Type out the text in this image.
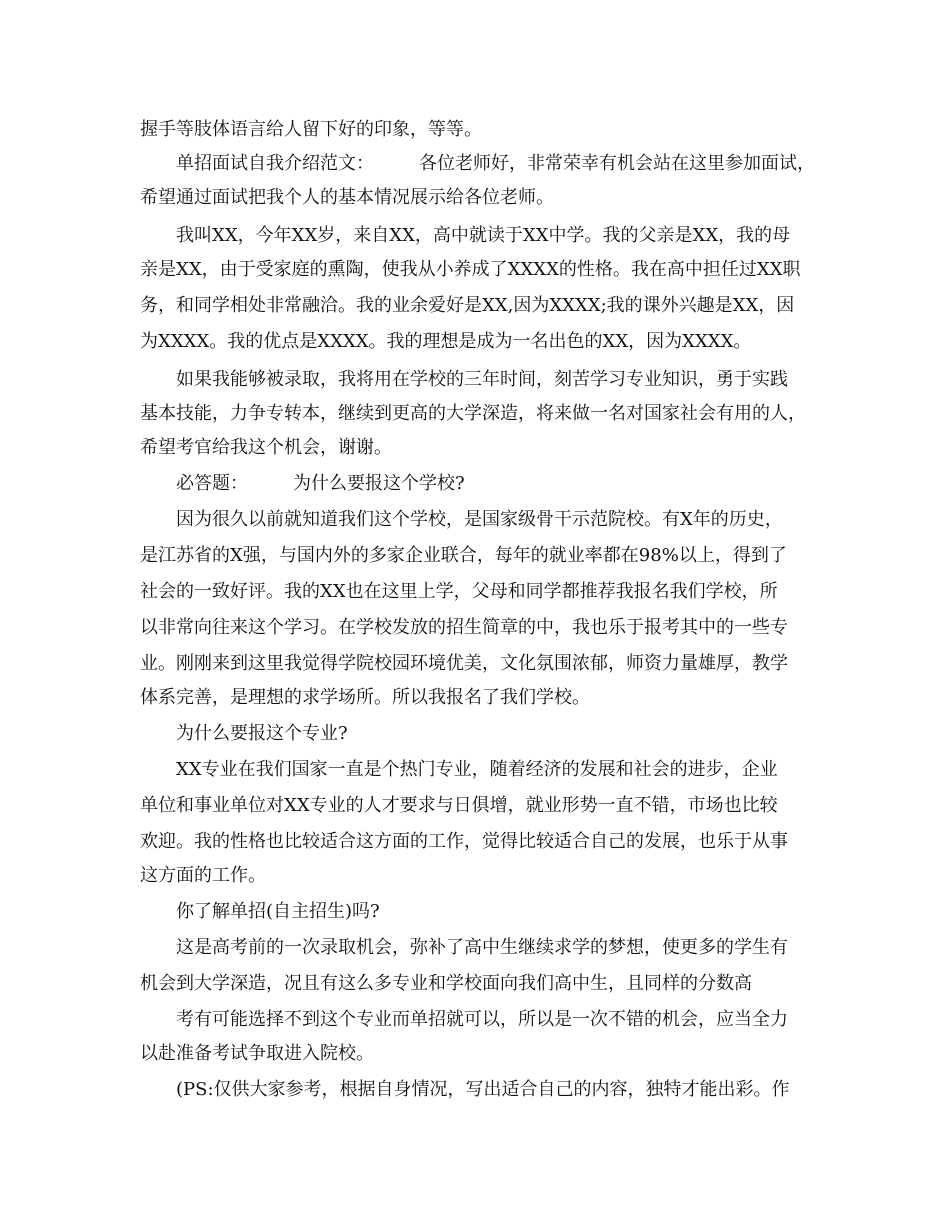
握手等肢体语言给人留下好的印象，等等。
单招面试自我介绍范文：　　　各位老师好，非常荣幸有机会站在这里参加面试，
希望通过面试把我个人的基本情况展示给各位老师。
我叫XX，今年XX岁，来自XX，高中就读于XX中学。我的父亲是XX，我的母
亲是XX，由于受家庭的熏陶，使我从小养成了XXXX的性格。我在高中担任过XX职
务，和同学相处非常融洽。我的业余爱好是XX,因为XXXX;我的课外兴趣是XX，因
为XXXX。我的优点是XXXX。我的理想是成为一名出色的XX，因为XXXX。
如果我能够被录取，我将用在学校的三年时间，刻苦学习专业知识，勇于实践
基本技能，力争专转本，继续到更高的大学深造，将来做一名对国家社会有用的人，
希望考官给我这个机会，谢谢。
必答题：　　　为什么要报这个学校?
因为很久以前就知道我们这个学校，是国家级骨干示范院校。有X年的历史，
是江苏省的X强，与国内外的多家企业联合，每年的就业率都在98%以上，得到了
社会的一致好评。我的XX也在这里上学，父母和同学都推荐我报名我们学校，所
以非常向往来这个学习。在学校发放的招生简章的中，我也乐于报考其中的一些专
业。刚刚来到这里我觉得学院校园环境优美，文化氛围浓郁，师资力量雄厚，教学
体系完善，是理想的求学场所。所以我报名了我们学校。
为什么要报这个专业?
XX专业在我们国家一直是个热门专业，随着经济的发展和社会的进步，企业
单位和事业单位对XX专业的人才要求与日俱增，就业形势一直不错，市场也比较
欢迎。我的性格也比较适合这方面的工作，觉得比较适合自己的发展，也乐于从事
这方面的工作。
你了解单招(自主招生)吗?
这是高考前的一次录取机会，弥补了高中生继续求学的梦想，使更多的学生有
机会到大学深造，况且有这么多专业和学校面向我们高中生，且同样的分数高
考有可能选择不到这个专业而单招就可以，所以是一次不错的机会，应当全力
以赴准备考试争取进入院校。
(PS:仅供大家参考，根据自身情况，写出适合自己的内容，独特才能出彩。作
